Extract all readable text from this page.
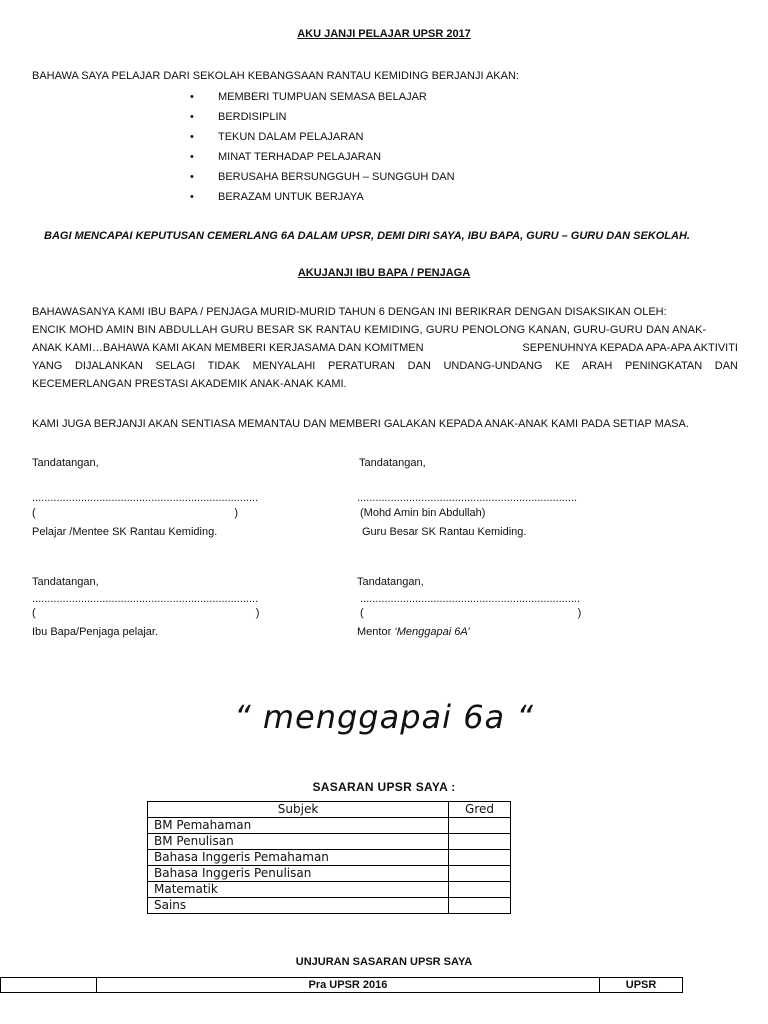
AKU JANJI PELAJAR UPSR 2017
BAHAWA SAYA PELAJAR DARI SEKOLAH KEBANGSAAN RANTAU KEMIDING BERJANJI AKAN:
• MEMBERI TUMPUAN SEMASA BELAJAR
• BERDISIPLIN
• TEKUN DALAM PELAJARAN
• MINAT TERHADAP PELAJARAN
• BERUSAHA BERSUNGGUH – SUNGGUH DAN
• BERAZAM UNTUK BERJAYA
BAGI MENCAPAI KEPUTUSAN CEMERLANG 6A DALAM UPSR, DEMI DIRI SAYA, IBU BAPA, GURU – GURU DAN SEKOLAH.
AKUJANJI IBU BAPA / PENJAGA
BAHAWASANYA KAMI IBU BAPA / PENJAGA MURID-MURID TAHUN 6 DENGAN INI BERIKRAR DENGAN DISAKSIKAN OLEH:
ENCIK MOHD AMIN BIN ABDULLAH GURU BESAR SK RANTAU KEMIDING, GURU PENOLONG KANAN, GURU-GURU DAN ANAK-
ANAK KAMI…BAHAWA KAMI AKAN MEMBERI KERJASAMA DAN KOMITMEN	SEPENUHNYA KEPADA APA-APA AKTIVITI
YANG DIJALANKAN SELAGI TIDAK MENYALAHI PERATURAN DAN UNDANG-UNDANG KE ARAH PENINGKATAN DAN
KECEMERLANGAN PRESTASI AKADEMIK ANAK-ANAK KAMI.
KAMI JUGA BERJANJI AKAN SENTIASA MEMANTAU DAN MEMBERI GALAKAN KEPADA ANAK-ANAK KAMI PADA SETIAP MASA.
Tandatangan,	Tandatangan,
..........................................................................	........................................................................
(                                                                 )	(Mohd Amin bin Abdullah)
Pelajar /Mentee SK Rantau Kemiding.	Guru Besar SK Rantau Kemiding.
Tandatangan,	Tandatangan,
..........................................................................	........................................................................
(                                                                        )	(                                                                      )
Ibu Bapa/Penjaga pelajar.	Mentor ‘Menggapai 6A’
“ menggapai 6a “
SASARAN UPSR SAYA :
Subjek	Gred
BM Pemahaman	
BM Penulisan	
Bahasa Inggeris Pemahaman	
Bahasa Inggeris Penulisan	
Matematik	
Sains	
UNJURAN SASARAN UPSR SAYA
	Pra UPSR 2016	UPSR
